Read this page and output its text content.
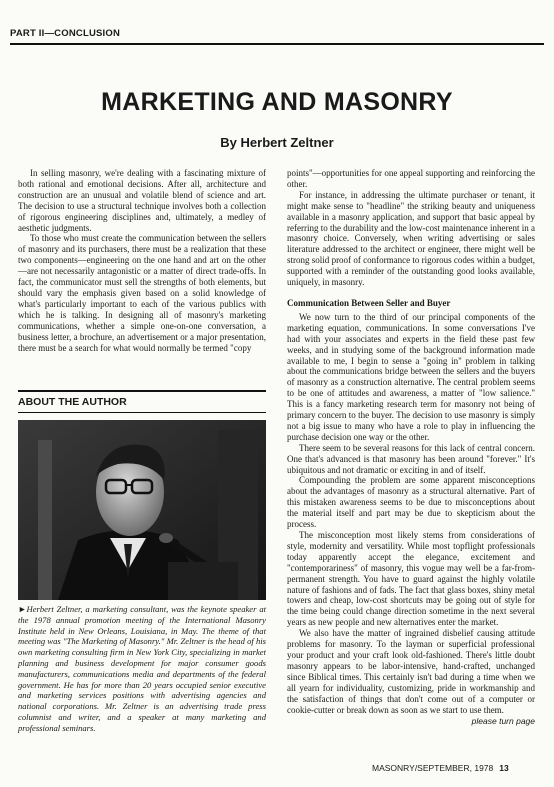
PART II—CONCLUSION
MARKETING AND MASONRY
By Herbert Zeltner

In selling masonry, we're dealing with a fascinating mixture of both rational and emotional decisions. After all, architecture and construction are an unusual and volatile blend of science and art. The decision to use a structural technique involves both a collection of rigorous engineering disciplines and, ultimately, a medley of aesthetic judgments.

To those who must create the communication between the sellers of masonry and its purchasers, there must be a realization that these two components—engineering on the one hand and art on the other—are not necessarily antagonistic or a matter of direct trade-offs. In fact, the communicator must sell the strengths of both elements, but should vary the emphasis given based on a solid knowledge of what's particularly important to each of the various publics with which he is talking. In designing all of masonry's marketing communications, whether a simple one-on-one conversation, a business letter, a brochure, an advertisement or a major presentation, there must be a search for what would normally be termed "copy

ABOUT THE AUTHOR
►Herbert Zeltner, a marketing consultant, was the keynote speaker at the 1978 annual promotion meeting of the International Masonry Institute held in New Orleans, Louisiana, in May. The theme of that meeting was "The Marketing of Masonry." Mr. Zeltner is the head of his own marketing consulting firm in New York City, specializing in market planning and business development for major consumer goods manufacturers, communications media and departments of the federal government. He has for more than 20 years occupied senior executive and marketing services positions with advertising agencies and national corporations. Mr. Zeltner is an advertising trade press columnist and writer, and a speaker at many marketing and professional seminars.

points"—opportunities for one appeal supporting and reinforcing the other.

For instance, in addressing the ultimate purchaser or tenant, it might make sense to "headline" the striking beauty and uniqueness available in a masonry application, and support that basic appeal by referring to the durability and the low-cost maintenance inherent in a masonry choice. Conversely, when writing advertising or sales literature addressed to the architect or engineer, there might well be strong solid proof of conformance to rigorous codes within a budget, supported with a reminder of the outstanding good looks available, uniquely, in masonry.

Communication Between Seller and Buyer

We now turn to the third of our principal components of the marketing equation, communications. In some conversations I've had with your associates and experts in the field these past few weeks, and in studying some of the background information made available to me, I begin to sense a "going in" problem in talking about the communications bridge between the sellers and the buyers of masonry as a construction alternative. The central problem seems to be one of attitudes and awareness, a matter of "low salience." This is a fancy marketing research term for masonry not being of primary concern to the buyer. The decision to use masonry is simply not a big issue to many who have a role to play in influencing the purchase decision one way or the other.

There seem to be several reasons for this lack of central concern. One that's advanced is that masonry has been around "forever." It's ubiquitous and not dramatic or exciting in and of itself.

Compounding the problem are some apparent misconceptions about the advantages of masonry as a structural alternative. Part of this mistaken awareness seems to be due to misconceptions about the material itself and part may be due to skepticism about the process.

The misconception most likely stems from considerations of style, modernity and versatility. While most topflight professionals today apparently accept the elegance, excitement and "contemporariness" of masonry, this vogue may well be a far-from-permanent strength. You have to guard against the highly volatile nature of fashions and of fads. The fact that glass boxes, shiny metal towers and cheap, low-cost shortcuts may be going out of style for the time being could change direction sometime in the next several years as new people and new alternatives enter the market.

We also have the matter of ingrained disbelief causing attitude problems for masonry. To the layman or superficial professional your product and your craft look old-fashioned. There's little doubt masonry appears to be labor-intensive, hand-crafted, unchanged since Biblical times. This certainly isn't bad during a time when we all yearn for individuality, customizing, pride in workmanship and the satisfaction of things that don't come out of a computer or cookie-cutter or break down as soon as we start to use them.

please turn page
MASONRY/SEPTEMBER, 1978 13
